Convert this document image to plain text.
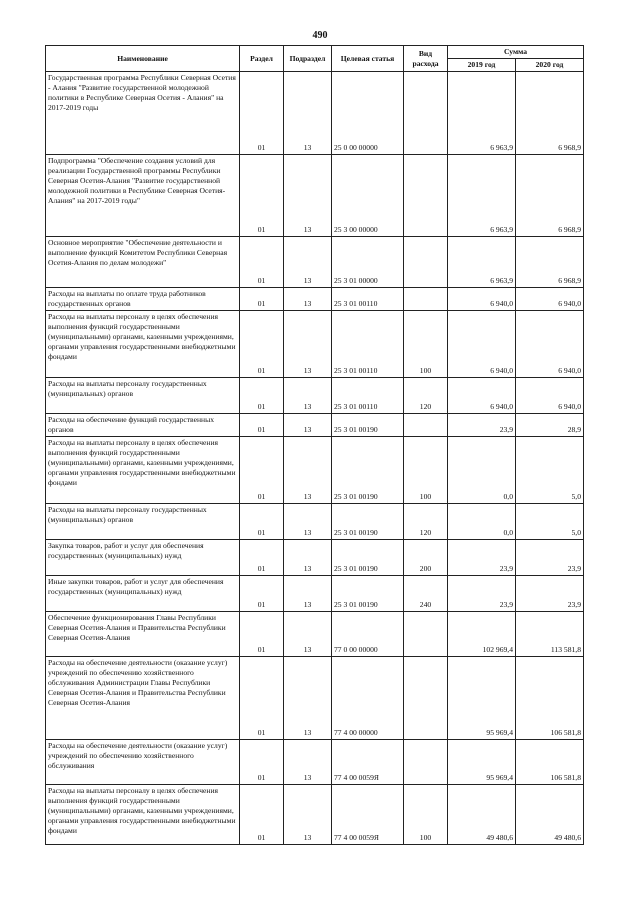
490
Наименование	Раздел	Подраздел	Целевая статья	Вид расхода	Сумма	
					2019 год	2020 год
Государственная программа Республики Северная Осетия - Алания "Развитие государственной молодежной политики в Республике Северная Осетия - Алания" на 2017-2019 годы	01	13	25 0 00 00000		6 963,9	6 968,9
Подпрограмма "Обеспечение создания условий для реализации Государственной программы Республики Северная Осетия-Алания "Развитие государственной молодежной политики в Республике Северная Осетия-Алания" на 2017-2019 годы"	01	13	25 3 00 00000		6 963,9	6 968,9
Основное мероприятие "Обеспечение деятельности и выполнение функций Комитетом Республики Северная Осетия-Алания по делам молодежи"	01	13	25 3 01 00000		6 963,9	6 968,9
Расходы на выплаты по оплате труда работников государственных органов	01	13	25 3 01 00110		6 940,0	6 940,0
Расходы на выплаты персоналу в целях обеспечения выполнения функций государственными (муниципальными) органами, казенными учреждениями, органами управления государственными внебюджетными фондами	01	13	25 3 01 00110	100	6 940,0	6 940,0
Расходы на выплаты персоналу государственных (муниципальных) органов	01	13	25 3 01 00110	120	6 940,0	6 940,0
Расходы на обеспечение функций государственных органов	01	13	25 3 01 00190		23,9	28,9
Расходы на выплаты персоналу в целях обеспечения выполнения функций государственными (муниципальными) органами, казенными учреждениями, органами управления государственными внебюджетными фондами	01	13	25 3 01 00190	100	0,0	5,0
Расходы на выплаты персоналу государственных (муниципальных) органов	01	13	25 3 01 00190	120	0,0	5,0
Закупка товаров, работ и услуг для обеспечения государственных (муниципальных) нужд	01	13	25 3 01 00190	200	23,9	23,9
Иные закупки товаров, работ и услуг для обеспечения государственных (муниципальных) нужд	01	13	25 3 01 00190	240	23,9	23,9
Обеспечение функционирования Главы Республики Северная Осетия-Алания и Правительства Республики Северная Осетия-Алания	01	13	77 0 00 00000		102 969,4	113 581,8
Расходы на обеспечение деятельности (оказание услуг) учреждений по обеспечению хозяйственного обслуживания Администрации Главы Республики Северная Осетия-Алания и Правительства Республики Северная Осетия-Алания	01	13	77 4 00 00000		95 969,4	106 581,8
Расходы на обеспечение деятельности (оказание услуг) учреждений по обеспечению хозяйственного обслуживания	01	13	77 4 00 0059Я		95 969,4	106 581,8
Расходы на выплаты персоналу в целях обеспечения выполнения функций государственными (муниципальными) органами, казенными учреждениями, органами управления государственными внебюджетными фондами	01	13	77 4 00 0059Я	100	49 480,6	49 480,6
